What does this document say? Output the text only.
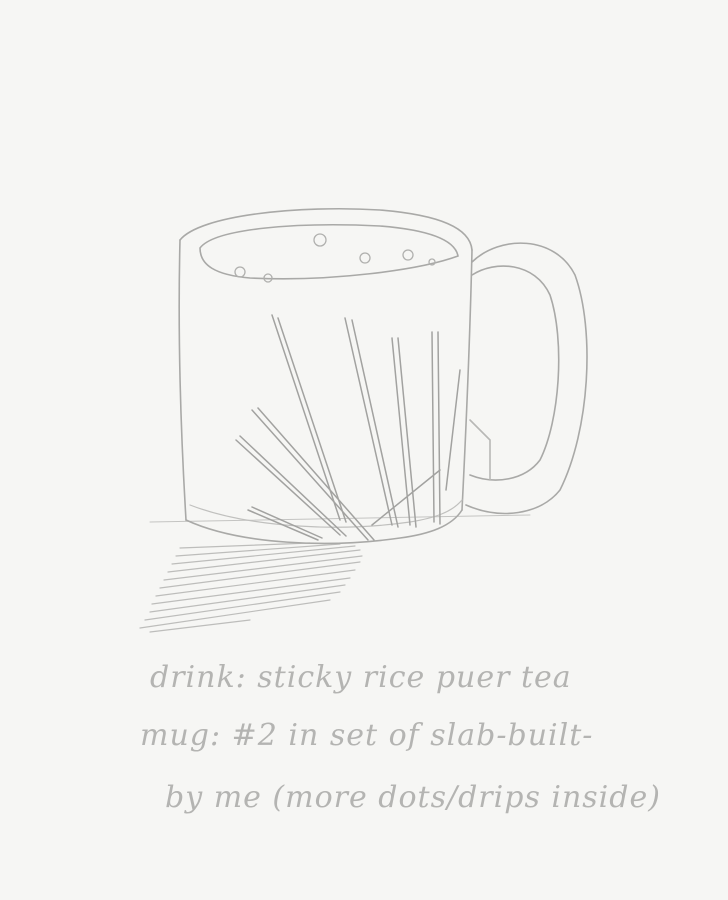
drink: sticky rice puer tea
mug: #2 in set of slab-built-
by me (more dots/drips inside)
